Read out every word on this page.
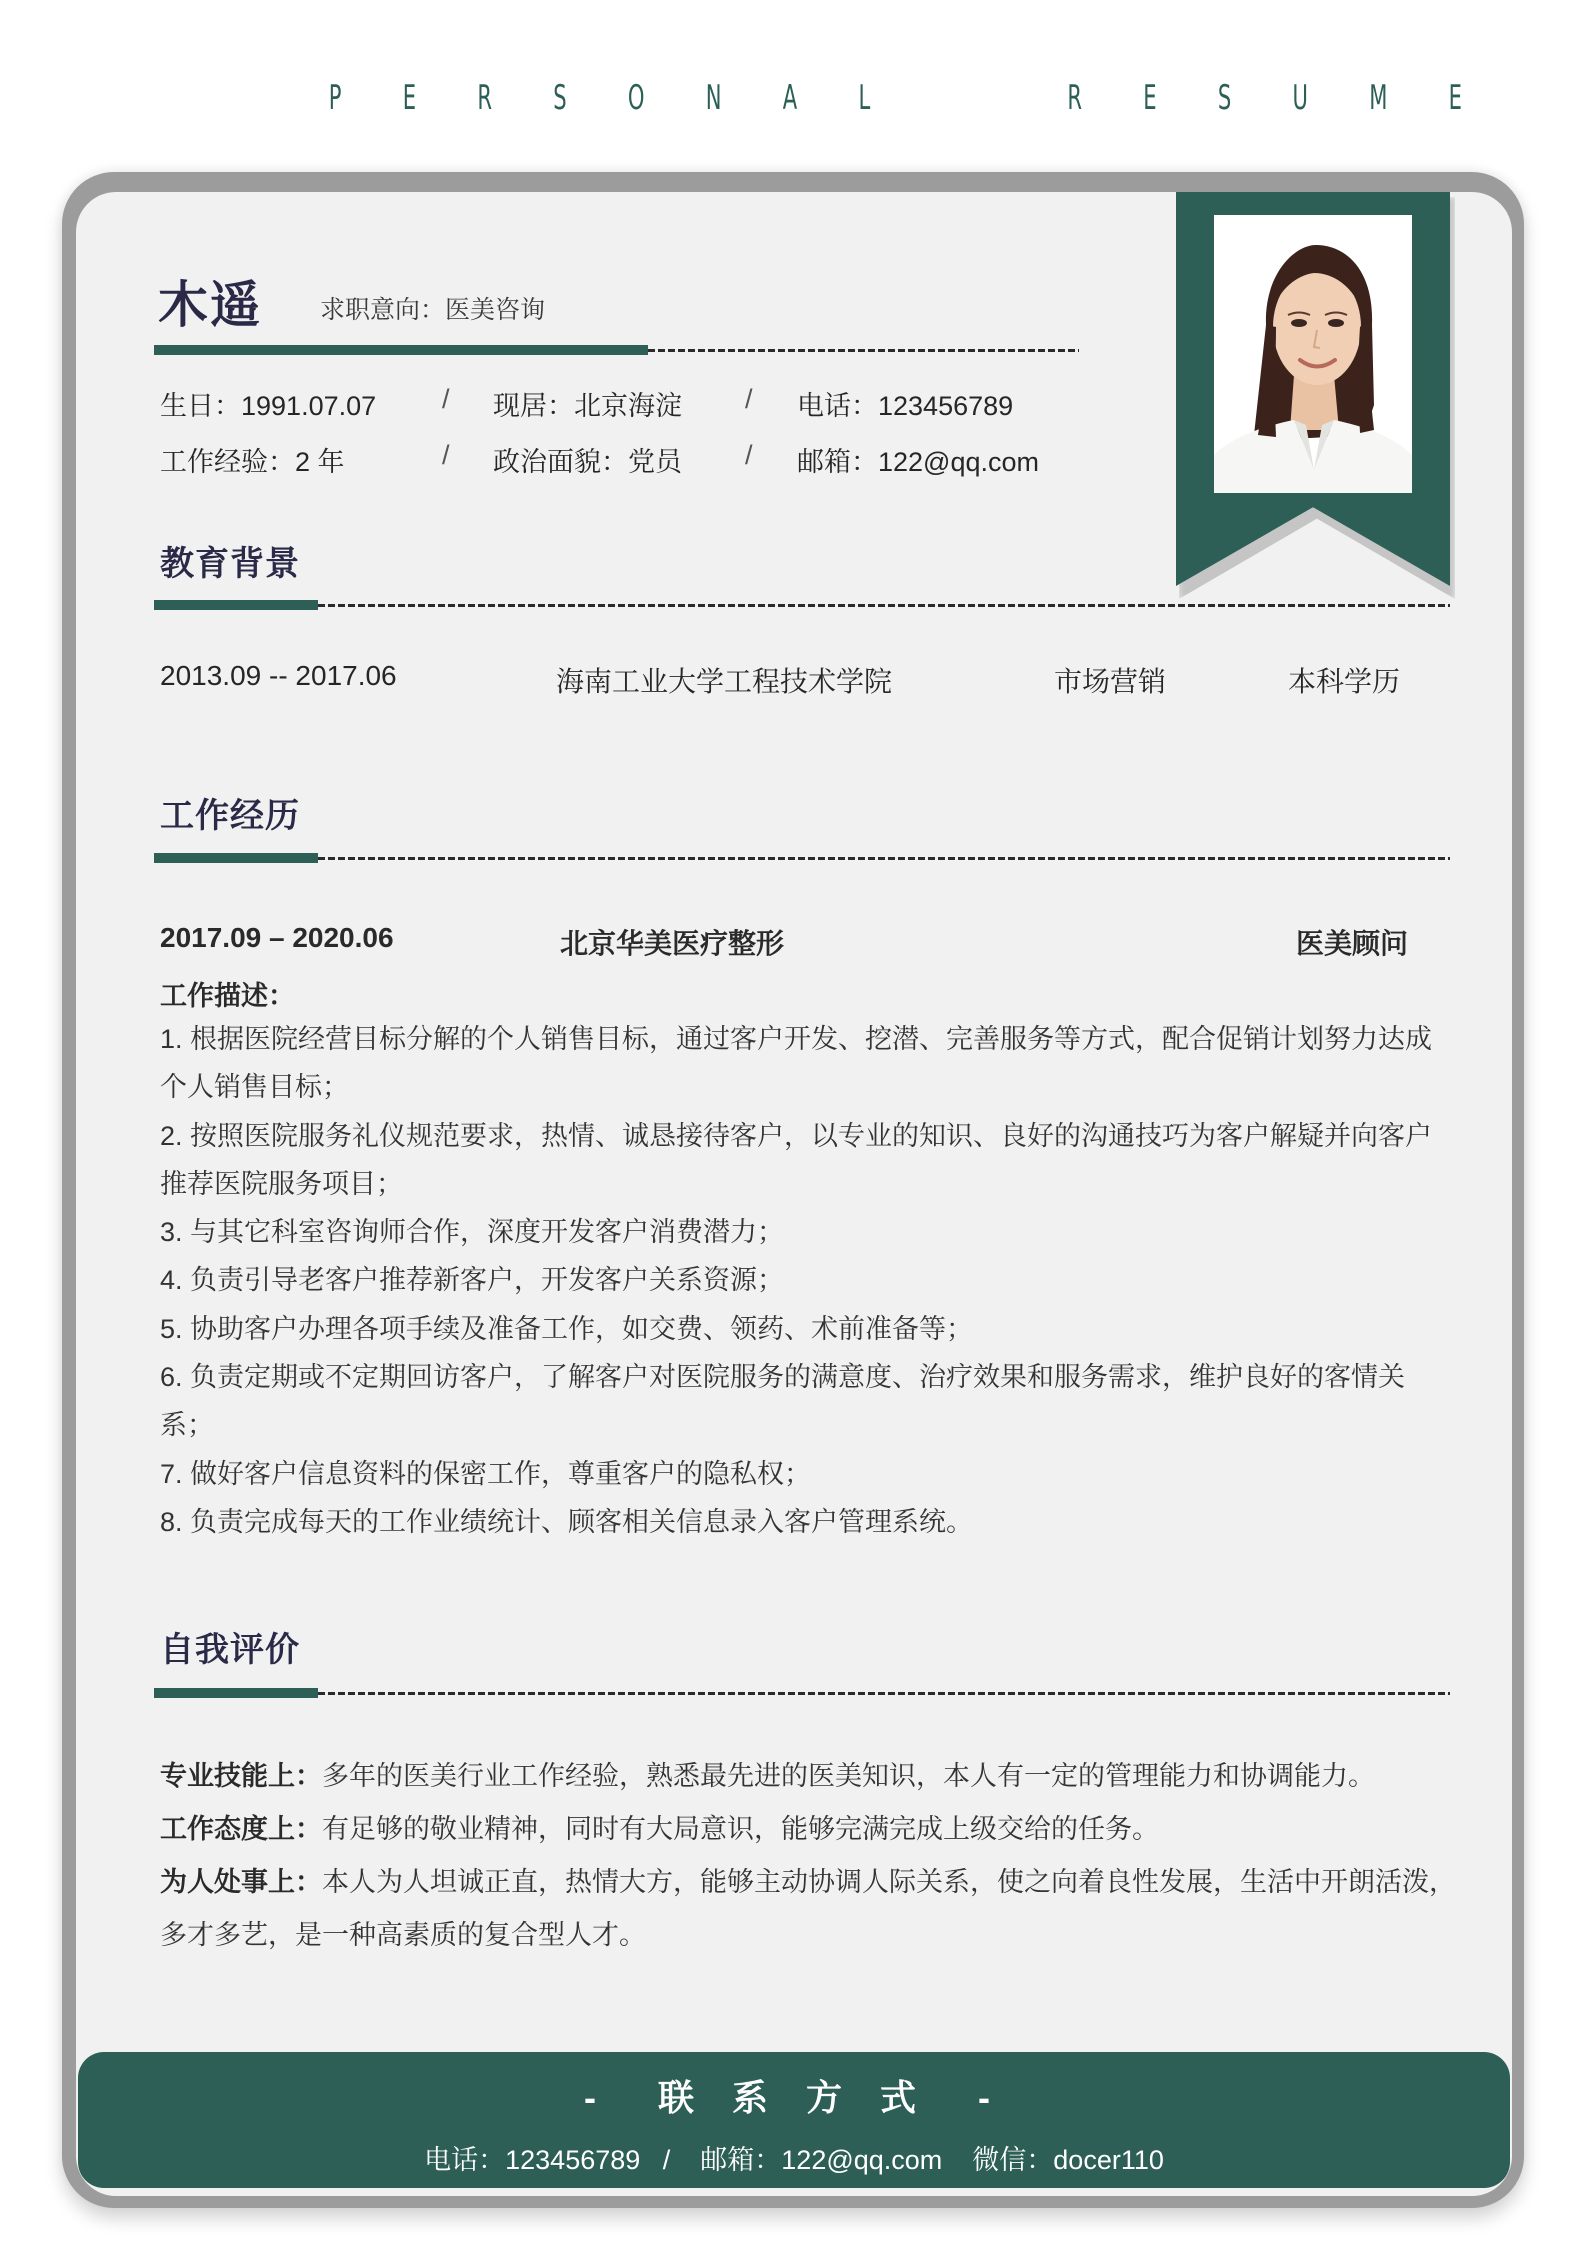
P E R S O N A L     R E S U M E
木遥 求职意向：医美咨询
生日：1991.07.07 / 现居：北京海淀 / 电话：123456789
工作经验：2 年	/ 政治面貌：党员 / 邮箱：122@qq.com
教育背景
2013.09 -- 2017.06	海南工业大学工程技术学院	市场营销	本科学历
工作经历
2017.09 – 2020.06	北京华美医疗整形	医美顾问
工作描述：
1. 根据医院经营目标分解的个人销售目标，通过客户开发、挖潜、完善服务等方式，配合促销计划努力达成个人销售目标；
2. 按照医院服务礼仪规范要求，热情、诚恳接待客户，以专业的知识、良好的沟通技巧为客户解疑并向客户推荐医院服务项目；
3. 与其它科室咨询师合作，深度开发客户消费潜力；
4. 负责引导老客户推荐新客户，开发客户关系资源；
5. 协助客户办理各项手续及准备工作，如交费、领药、术前准备等；
6. 负责定期或不定期回访客户，了解客户对医院服务的满意度、治疗效果和服务需求，维护良好的客情关系；
7. 做好客户信息资料的保密工作，尊重客户的隐私权；
8. 负责完成每天的工作业绩统计、顾客相关信息录入客户管理系统。
自我评价

专业技能上：多年的医美行业工作经验，熟悉最先进的医美知识，本人有一定的管理能力和协调能力。

工作态度上：有足够的敬业精神，同时有大局意识，能够完满完成上级交给的任务。

为人处事上：本人为人坦诚正直，热情大方，能够主动协调人际关系，使之向着良性发展，生活中开朗活泼，多才多艺，是一种高素质的复合型人才。

-  联 系 方 式  -
电话：123456789   /    邮箱：122@qq.com    微信：docer110
